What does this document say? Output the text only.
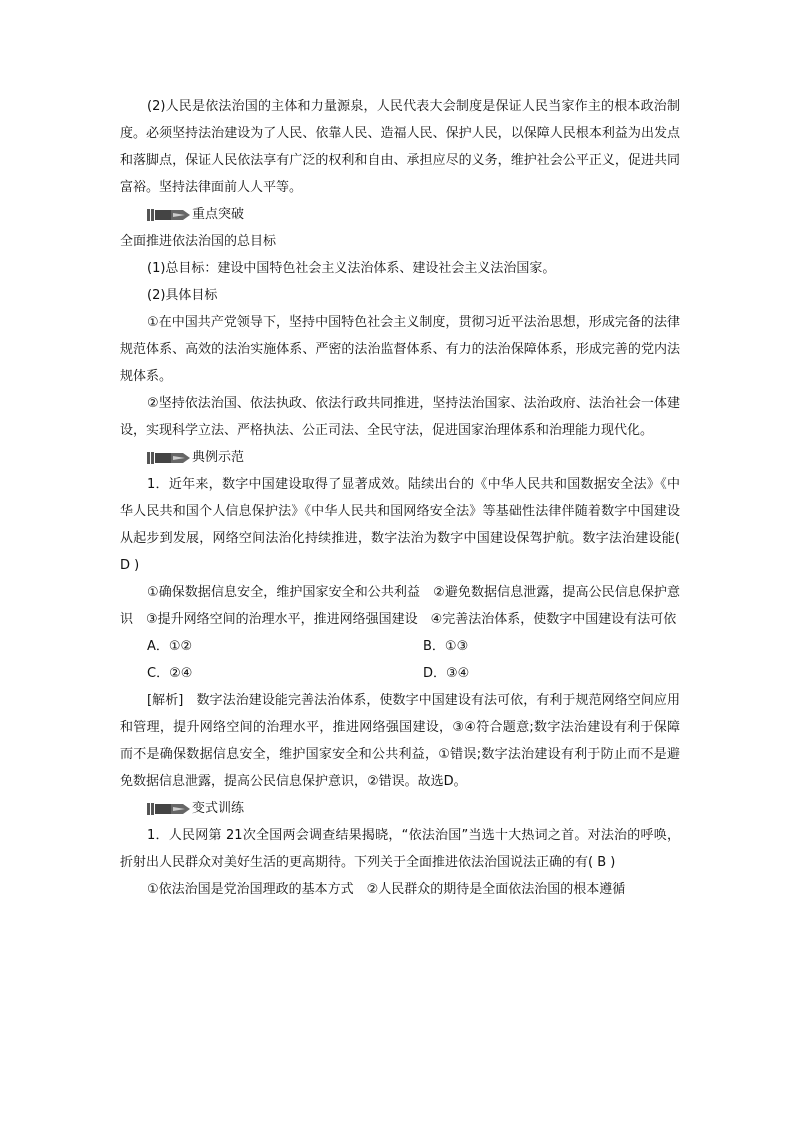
(2)人民是依法治国的主体和力量源泉，人民代表大会制度是保证人民当家作主的根本政治制度。必须坚持法治建设为了人民、依靠人民、造福人民、保护人民，以保障人民根本利益为出发点和落脚点，保证人民依法享有广泛的权利和自由、承担应尽的义务，维护社会公平正义，促进共同富裕。坚持法律面前人人平等。

重点突破

全面推进依法治国的总目标

(1)总目标：建设中国特色社会主义法治体系、建设社会主义法治国家。

(2)具体目标

①在中国共产党领导下，坚持中国特色社会主义制度，贯彻习近平法治思想，形成完备的法律规范体系、高效的法治实施体系、严密的法治监督体系、有力的法治保障体系，形成完善的党内法规体系。

②坚持依法治国、依法执政、依法行政共同推进，坚持法治国家、法治政府、法治社会一体建设，实现科学立法、严格执法、公正司法、全民守法，促进国家治理体系和治理能力现代化。

典例示范

1．近年来，数字中国建设取得了显著成效。陆续出台的《中华人民共和国数据安全法》《中华人民共和国个人信息保护法》《中华人民共和国网络安全法》等基础性法律伴随着数字中国建设从起步到发展，网络空间法治化持续推进，数字法治为数字中国建设保驾护航。数字法治建设能( D )

①确保数据信息安全，维护国家安全和公共利益　②避免数据信息泄露，提高公民信息保护意识　③提升网络空间的治理水平，推进网络强国建设　④完善法治体系，使数字中国建设有法可依

A．①②	B．①③
C．②④	D．③④

[解析]　数字法治建设能完善法治体系，使数字中国建设有法可依，有利于规范网络空间应用和管理，提升网络空间的治理水平，推进网络强国建设，③④符合题意;数字法治建设有利于保障而不是确保数据信息安全，维护国家安全和公共利益，①错误;数字法治建设有利于防止而不是避免数据信息泄露，提高公民信息保护意识，②错误。故选D。

变式训练

1．人民网第 21次全国两会调查结果揭晓，“依法治国”当选十大热词之首。对法治的呼唤，折射出人民群众对美好生活的更高期待。下列关于全面推进依法治国说法正确的有( B )

①依法治国是党治国理政的基本方式　②人民群众的期待是全面依法治国的根本遵循
